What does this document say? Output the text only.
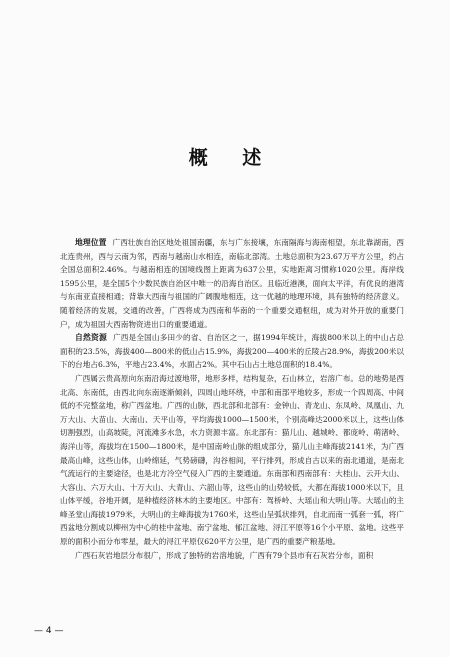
概 述

地理位置 广西壮族自治区地处祖国南疆，东与广东接壤，东南隔海与海南相望，东北靠湖南，西北连贵州，西与云南为邻，西南与越南山水相连，南临北部湾。土地总面积为23.67万平方公里，约占全国总面积2.46%。与越南相连的国境线图上距离为637公里，实地距离习惯称1020公里。海岸线1595公里，是全国5个少数民族自治区中唯一的沿海自治区。且临近港澳，面向太平洋，有优良的港湾与东南亚直接相通；背靠大西南与祖国的广阔腹地相连，这一优越的地理环境，具有独特的经济意义。随着经济的发展，交通的改善，广西将成为西南和华南的一个重要交通枢纽，成为对外开放的重要门户，成为祖国大西南物资进出口的重要通道。

自然资源 广西是全国山多田少的省、自治区之一，据1994年统计，海拔800米以上的中山占总面积的23.5%，海拔400—800米的低山占15.9%，海拔200—400米的丘陵占28.9%，海拔200米以下的台地占6.3%，平地占23.4%，水面占2%。其中石山占土地总面积的18.4%。

广西属云贵高原向东南沿海过渡地带，地形多样，结构复杂，石山林立，岩溶广布。总的地势是西北高、东南低，由西北向东南逐渐倾斜，四周山地环绕，中部和南部平地较多，形成一个四周高、中间低的不完整盆地，称广西盆地。广西的山脉，西北部和北部有：金钟山、青龙山、东凤岭、凤凰山、九万大山、大苗山、大南山、天平山等，平均海拔1000—1500米，个别高峰达2000米以上，这些山体切割强烈，山高坡陡，河流滩多水急，水力资源丰富。东北部有：猫儿山、越城岭、都庞岭、萌渚岭、海洋山等，海拔均在1500—1800米，是中国南岭山脉的组成部分，猫儿山主峰海拔2141米，为广西最高山峰，这些山体，山岭绵延，气势磅礴，沟谷相间，平行排列，形成自古以来的南北通道，是南北气流运行的主要途径，也是北方冷空气侵入广西的主要通道。东南部和西南部有：大桂山、云开大山、大容山、六万大山、十万大山、大青山、六韶山等，这些山的山势较低，大都在海拔1000米以下，且山体平缓，谷地开阔，是种植经济林木的主要地区。中部有：驾桥岭、大瑶山和大明山等。大瑶山的主峰圣堂山海拔1979米，大明山的主峰海拔为1760米，这些山呈弧状排列，自北而南一弧套一弧，将广西盆地分割成以柳州为中心的桂中盆地、南宁盆地、郁江盆地、浔江平原等16个小平原、盆地。这些平原的面积小而分布零星，最大的浔江平原仅620平方公里，是广西的重要产粮基地。

广西石灰岩地层分布很广，形成了独特的岩溶地貌，广西有79个县市有石灰岩分布，面积

— 4 —
